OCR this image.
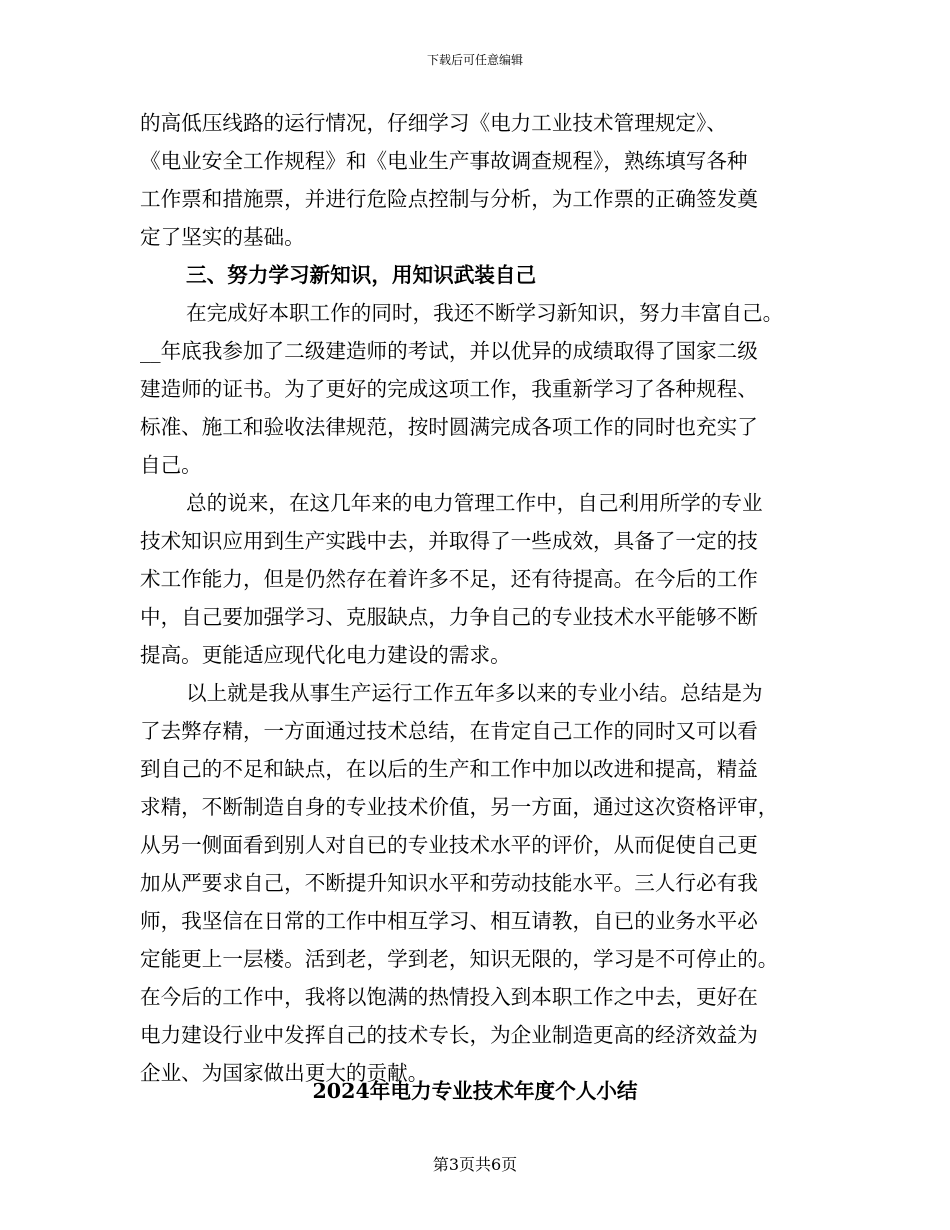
下载后可任意编辑
的高低压线路的运行情况，仔细学习《电力工业技术管理规定》、
《电业安全工作规程》和《电业生产事故调查规程》，熟练填写各种
工作票和措施票，并进行危险点控制与分析，为工作票的正确签发奠
定了坚实的基础。
三、努力学习新知识，用知识武装自己
在完成好本职工作的同时，我还不断学习新知识，努力丰富自己。
__年底我参加了二级建造师的考试，并以优异的成绩取得了国家二级
建造师的证书。为了更好的完成这项工作，我重新学习了各种规程、
标准、施工和验收法律规范，按时圆满完成各项工作的同时也充实了
自己。
总的说来，在这几年来的电力管理工作中，自己利用所学的专业
技术知识应用到生产实践中去，并取得了一些成效，具备了一定的技
术工作能力，但是仍然存在着许多不足，还有待提高。在今后的工作
中，自己要加强学习、克服缺点，力争自己的专业技术水平能够不断
提高。更能适应现代化电力建设的需求。
以上就是我从事生产运行工作五年多以来的专业小结。总结是为
了去弊存精，一方面通过技术总结，在肯定自己工作的同时又可以看
到自己的不足和缺点，在以后的生产和工作中加以改进和提高，精益
求精，不断制造自身的专业技术价值，另一方面，通过这次资格评审，
从另一侧面看到别人对自已的专业技术水平的评价，从而促使自己更
加从严要求自己，不断提升知识水平和劳动技能水平。三人行必有我
师，我坚信在日常的工作中相互学习、相互请教，自已的业务水平必
定能更上一层楼。活到老，学到老，知识无限的，学习是不可停止的。
在今后的工作中，我将以饱满的热情投入到本职工作之中去，更好在
电力建设行业中发挥自己的技术专长，为企业制造更高的经济效益为
企业、为国家做出更大的贡献。
2024年电力专业技术年度个人小结
第3页共6页
